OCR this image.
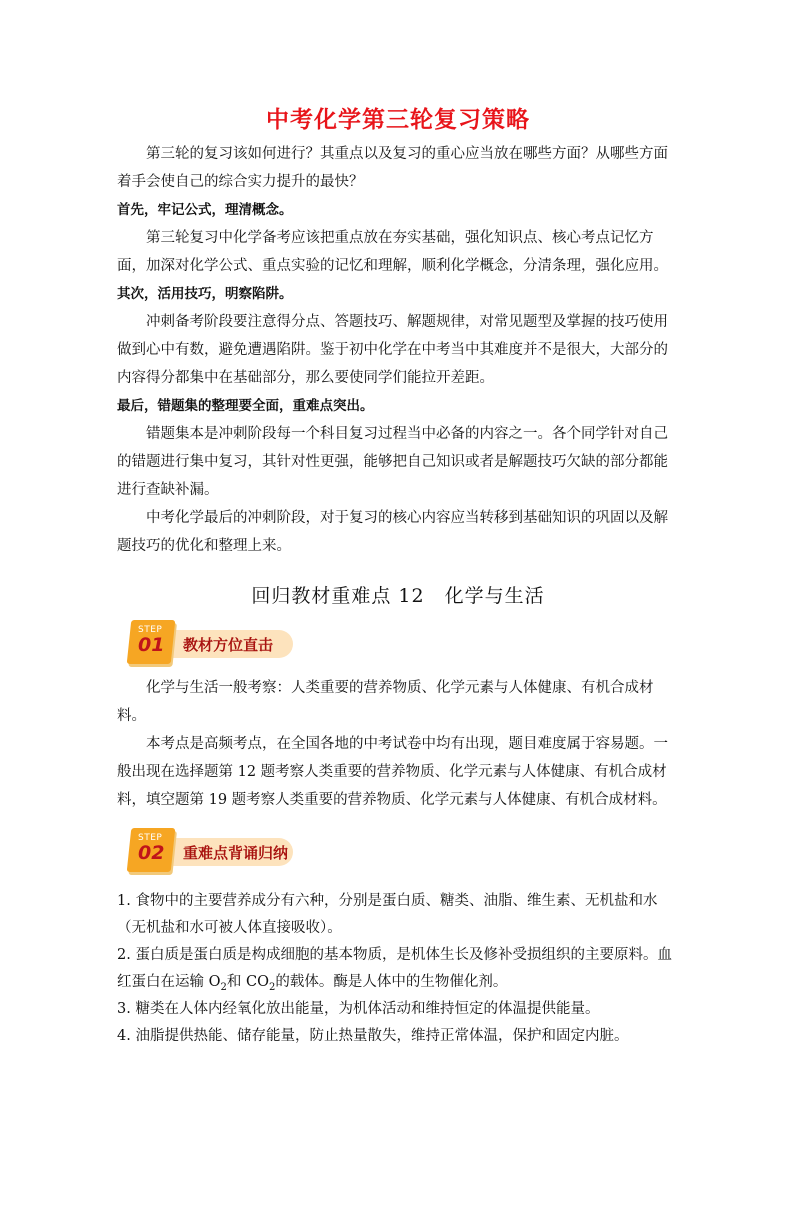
中考化学第三轮复习策略

第三轮的复习该如何进行？其重点以及复习的重心应当放在哪些方面？从哪些方面着手会使自己的综合实力提升的最快？

首先，牢记公式，理清概念。

第三轮复习中化学备考应该把重点放在夯实基础，强化知识点、核心考点记忆方面，加深对化学公式、重点实验的记忆和理解，顺利化学概念，分清条理，强化应用。

其次，活用技巧，明察陷阱。

冲刺备考阶段要注意得分点、答题技巧、解题规律，对常见题型及掌握的技巧使用做到心中有数，避免遭遇陷阱。鉴于初中化学在中考当中其难度并不是很大，大部分的内容得分都集中在基础部分，那么要使同学们能拉开差距。

最后，错题集的整理要全面，重难点突出。

错题集本是冲刺阶段每一个科目复习过程当中必备的内容之一。各个同学针对自己的错题进行集中复习，其针对性更强，能够把自己知识或者是解题技巧欠缺的部分都能进行查缺补漏。

中考化学最后的冲刺阶段，对于复习的核心内容应当转移到基础知识的巩固以及解题技巧的优化和整理上来。

回归教材重难点 12　化学与生活
STEP
01 教材方位直击

化学与生活一般考察：人类重要的营养物质、化学元素与人体健康、有机合成材料。

本考点是高频考点，在全国各地的中考试卷中均有出现，题目难度属于容易题。一般出现在选择题第 12 题考察人类重要的营养物质、化学元素与人体健康、有机合成材料，填空题第 19 题考察人类重要的营养物质、化学元素与人体健康、有机合成材料。

STEP
02 重难点背诵归纳

1. 食物中的主要营养成分有六种，分别是蛋白质、糖类、油脂、维生素、无机盐和水（无机盐和水可被人体直接吸收）。

2. 蛋白质是蛋白质是构成细胞的基本物质，是机体生长及修补受损组织的主要原料。血红蛋白在运输 $O_2$和 $CO_2$的载体。酶是人体中的生物催化剂。

3. 糖类在人体内经氧化放出能量，为机体活动和维持恒定的体温提供能量。

4. 油脂提供热能、储存能量，防止热量散失，维持正常体温，保护和固定内脏。
